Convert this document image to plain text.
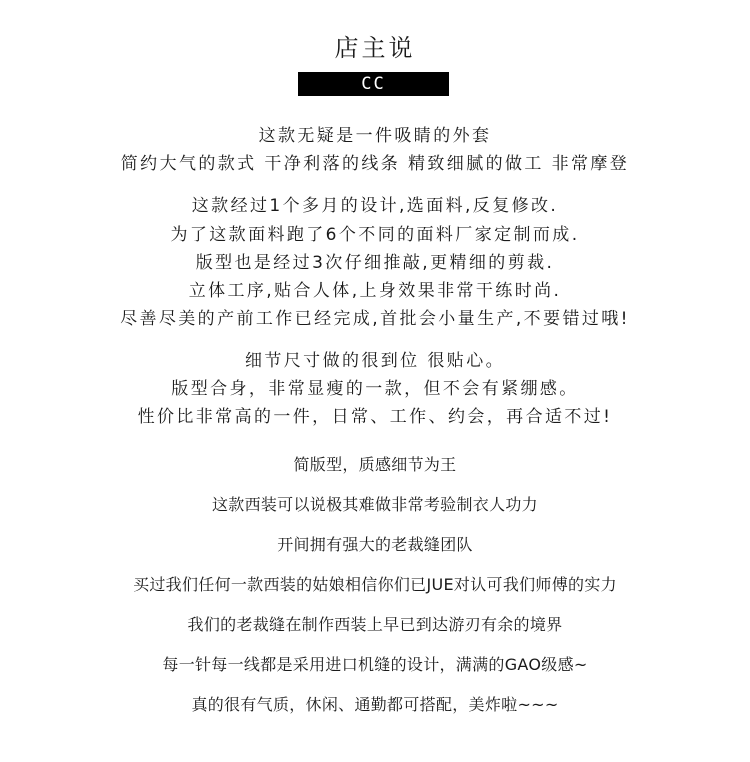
店主说
CC
这款无疑是一件吸睛的外套
简约大气的款式 干净利落的线条 精致细腻的做工 非常摩登
这款经过1个多月的设计,选面料,反复修改.
为了这款面料跑了6个不同的面料厂家定制而成.
版型也是经过3次仔细推敲,更精细的剪裁.
立体工序,贴合人体,上身效果非常干练时尚.
尽善尽美的产前工作已经完成,首批会小量生产,不要错过哦!
细节尺寸做的很到位 很贴心。
版型合身，非常显瘦的一款，但不会有紧绷感。
性价比非常高的一件，日常、工作、约会，再合适不过!
简版型，质感细节为王
这款西装可以说极其难做非常考验制衣人功力
开间拥有强大的老裁缝团队
买过我们任何一款西装的姑娘相信你们已JUE对认可我们师傅的实力
我们的老裁缝在制作西装上早已到达游刃有余的境界
每一针每一线都是采用进口机缝的设计，满满的GAO级感~
真的很有气质，休闲、通勤都可搭配，美炸啦~~~
